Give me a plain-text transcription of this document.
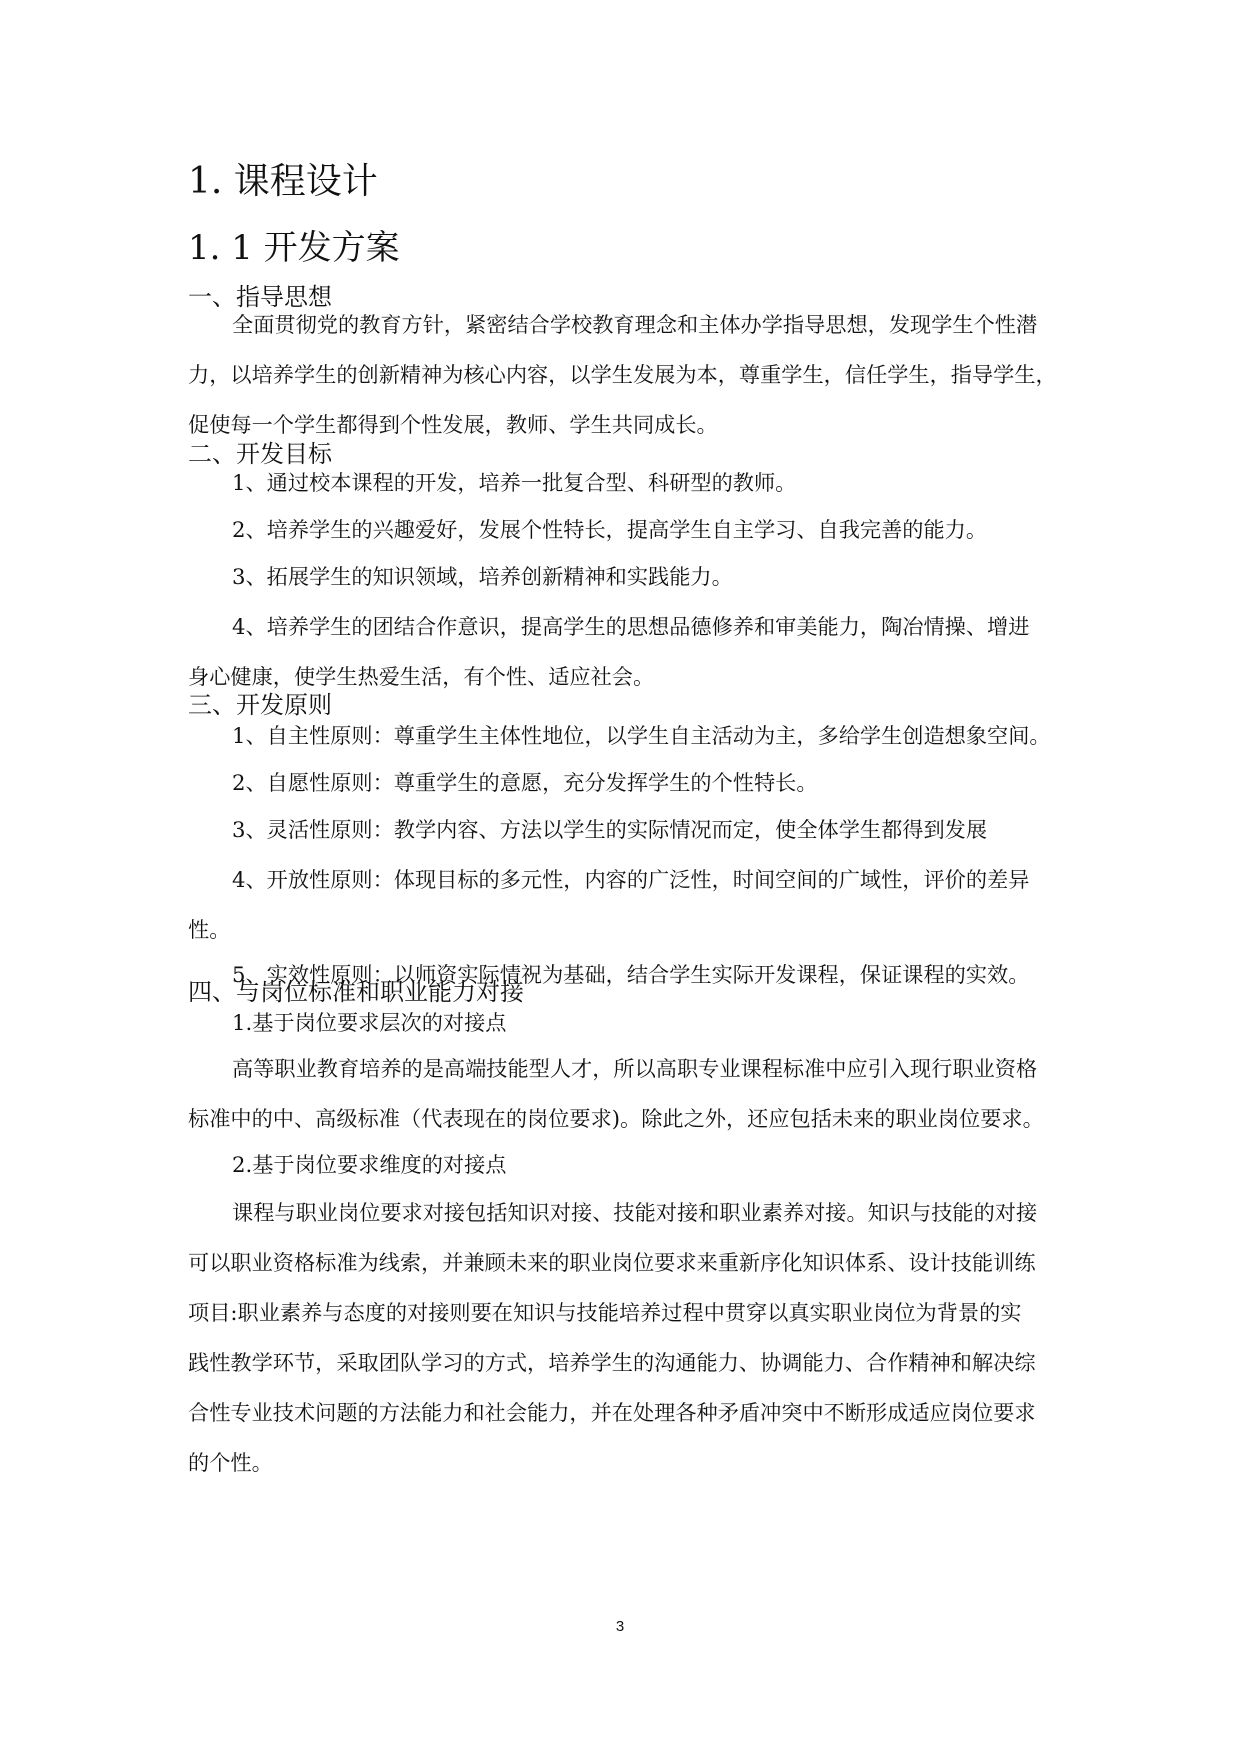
1. 课程设计
1. 1 开发方案
一、指导思想
全面贯彻党的教育方针，紧密结合学校教育理念和主体办学指导思想，发现学生个性潜
力，以培养学生的创新精神为核心内容，以学生发展为本，尊重学生，信任学生，指导学生，
促使每一个学生都得到个性发展，教师、学生共同成长。
二、开发目标
1、通过校本课程的开发，培养一批复合型、科研型的教师。
2、培养学生的兴趣爱好，发展个性特长，提高学生自主学习、自我完善的能力。
3、拓展学生的知识领域，培养创新精神和实践能力。
4、培养学生的团结合作意识，提高学生的思想品德修养和审美能力，陶冶情操、增进
身心健康，使学生热爱生活，有个性、适应社会。
三、开发原则
1、自主性原则：尊重学生主体性地位，以学生自主活动为主，多给学生创造想象空间。
2、自愿性原则：尊重学生的意愿，充分发挥学生的个性特长。
3、灵活性原则：教学内容、方法以学生的实际情况而定，使全体学生都得到发展
4、开放性原则：体现目标的多元性，内容的广泛性，时间空间的广域性，评价的差异
性。
5、实效性原则：以师资实际情祝为基础，结合学生实际开发课程，保证课程的实效。
四、与岗位标准和职业能力对接
1.基于岗位要求层次的对接点
高等职业教育培养的是高端技能型人才，所以高职专业课程标准中应引入现行职业资格
标准中的中、高级标准（代表现在的岗位要求)。除此之外，还应包括未来的职业岗位要求。
2.基于岗位要求维度的对接点
课程与职业岗位要求对接包括知识对接、技能对接和职业素养对接。知识与技能的对接
可以职业资格标准为线索，并兼顾未来的职业岗位要求来重新序化知识体系、设计技能训练
项目:职业素养与态度的对接则要在知识与技能培养过程中贯穿以真实职业岗位为背景的实
践性教学环节，采取团队学习的方式，培养学生的沟通能力、协调能力、合作精神和解决综
合性专业技术问题的方法能力和社会能力，并在处理各种矛盾冲突中不断形成适应岗位要求
的个性。
3
